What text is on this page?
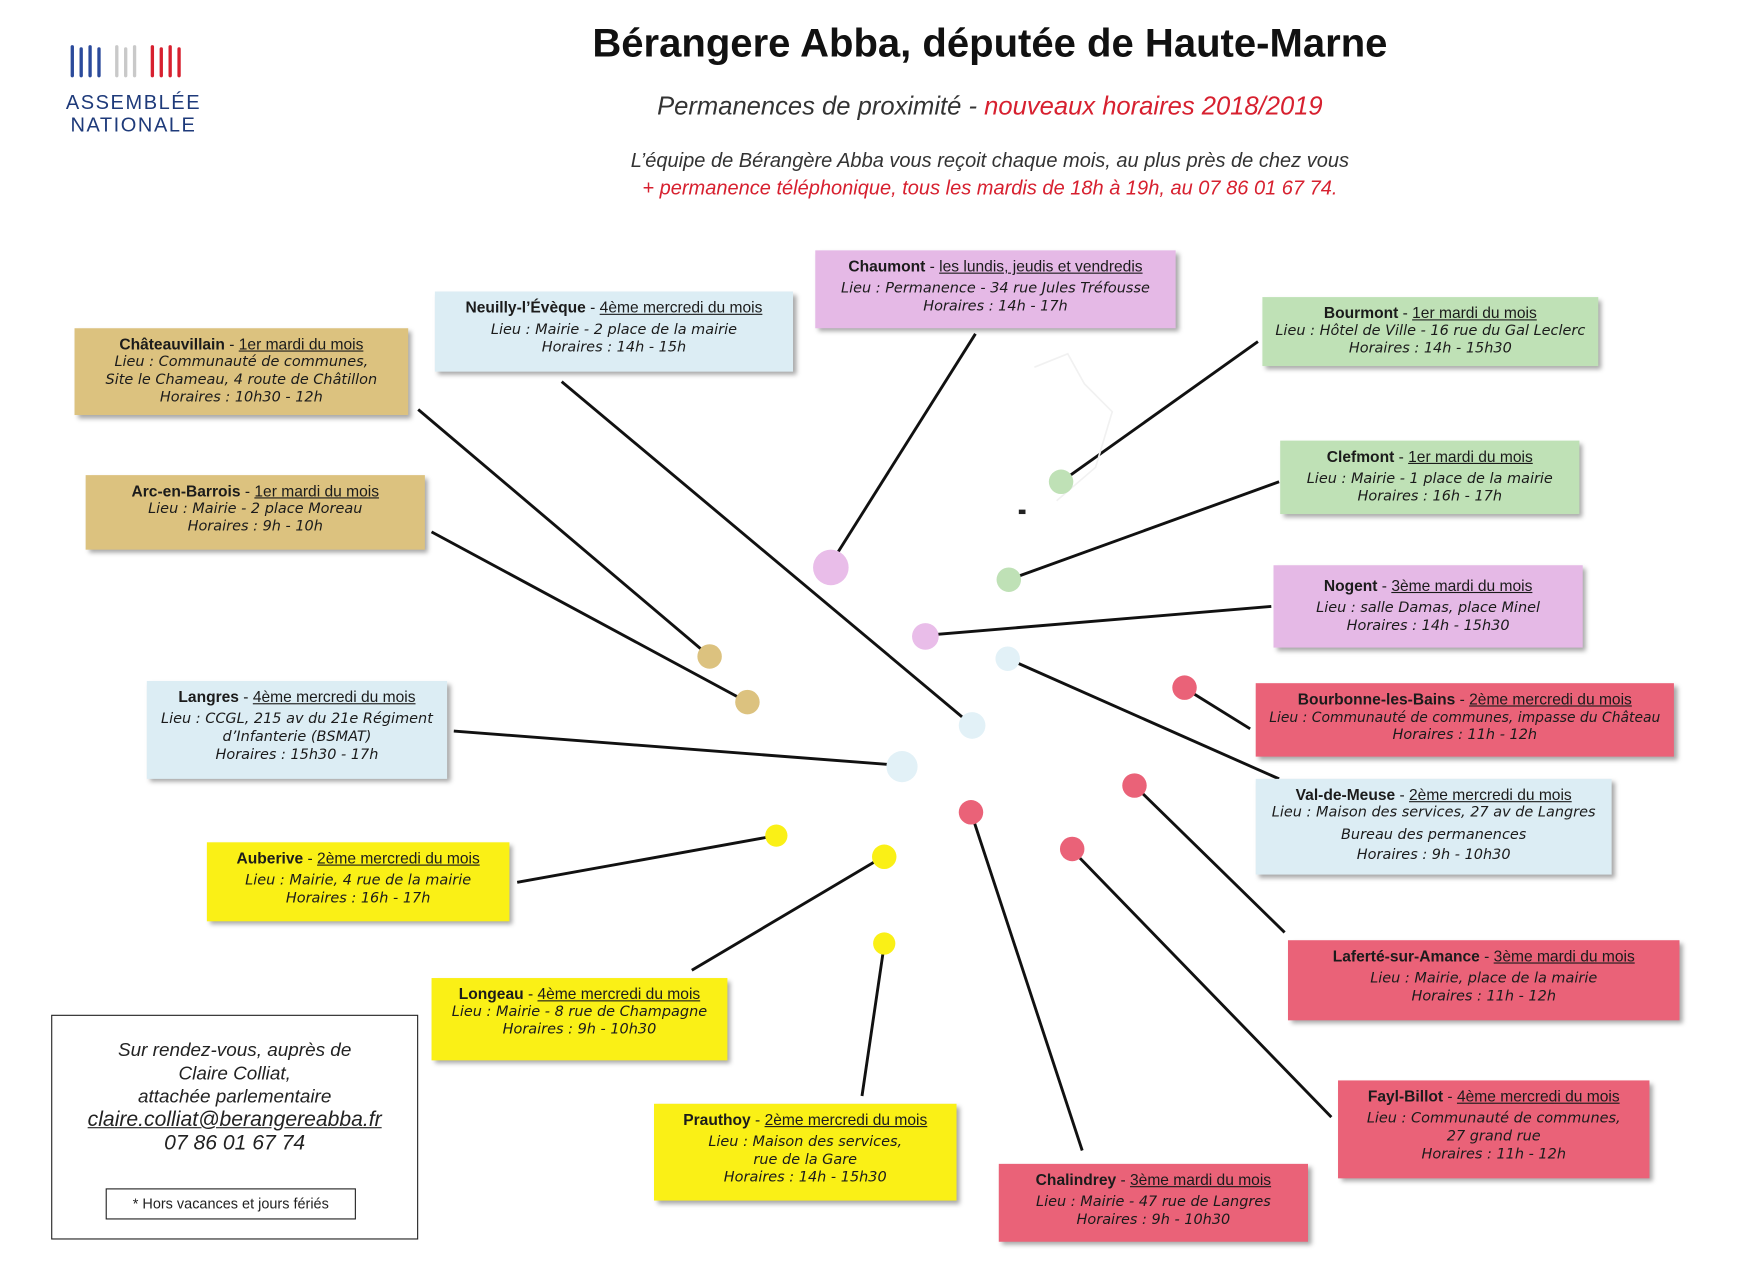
ASSEMBLÉE
NATIONALE
Bérangere Abba, députée de Haute-Marne
Permanences de proximité - nouveaux horaires 2018/2019
L’équipe de Bérangère Abba vous reçoit chaque mois, au plus près de chez vous
+ permanence téléphonique, tous les mardis de 18h à 19h, au 07 86 01 67 74.
Chaumont - les lundis, jeudis et vendredis
Lieu : Permanence - 34 rue Jules Tréfousse
Horaires : 14h - 17h
Neuilly-l’Évèque - 4ème mercredi du mois
Lieu : Mairie - 2 place de la mairie
Horaires : 14h - 15h
Châteauvillain - 1er mardi du mois
Lieu : Communauté de communes,
Site le Chameau, 4 route de Châtillon
Horaires : 10h30 - 12h
Arc-en-Barrois - 1er mardi du mois
Lieu : Mairie - 2 place Moreau
Horaires : 9h - 10h
Langres - 4ème mercredi du mois
Lieu : CCGL, 215 av du 21e Régiment
d’Infanterie (BSMAT)
Horaires : 15h30 - 17h
Auberive - 2ème mercredi du mois
Lieu : Mairie, 4 rue de la mairie
Horaires : 16h - 17h
Longeau - 4ème mercredi du mois
Lieu : Mairie - 8 rue de Champagne
Horaires : 9h - 10h30
Prauthoy - 2ème mercredi du mois
Lieu : Maison des services,
rue de la Gare
Horaires : 14h - 15h30	Chalindrey - 3ème mardi du mois
Lieu : Mairie - 47 rue de Langres
Horaires : 9h - 10h30
Fayl-Billot - 4ème mercredi du mois
Lieu : Communauté de communes,
27 grand rue
Horaires : 11h - 12h
Laferté-sur-Amance - 3ème mardi du mois
Lieu : Mairie, place de la mairie
Horaires : 11h - 12h
Val-de-Meuse - 2ème mercredi du mois
Lieu : Maison des services, 27 av de Langres
Bureau des permanences
Horaires : 9h - 10h30
Bourbonne-les-Bains - 2ème mercredi du mois
Lieu : Communauté de communes, impasse du Château
Horaires : 11h - 12h
Nogent - 3ème mardi du mois
Lieu : salle Damas, place Minel
Horaires : 14h - 15h30
Clefmont - 1er mardi du mois
Lieu : Mairie - 1 place de la mairie
Horaires : 16h - 17h
Bourmont - 1er mardi du mois
Lieu : Hôtel de Ville - 16 rue du Gal Leclerc
Horaires : 14h - 15h30
Sur rendez-vous, auprès de
Claire Colliat,
attachée parlementaire
claire.colliat@berangereabba.fr
07 86 01 67 74
* Hors vacances et jours fériés
